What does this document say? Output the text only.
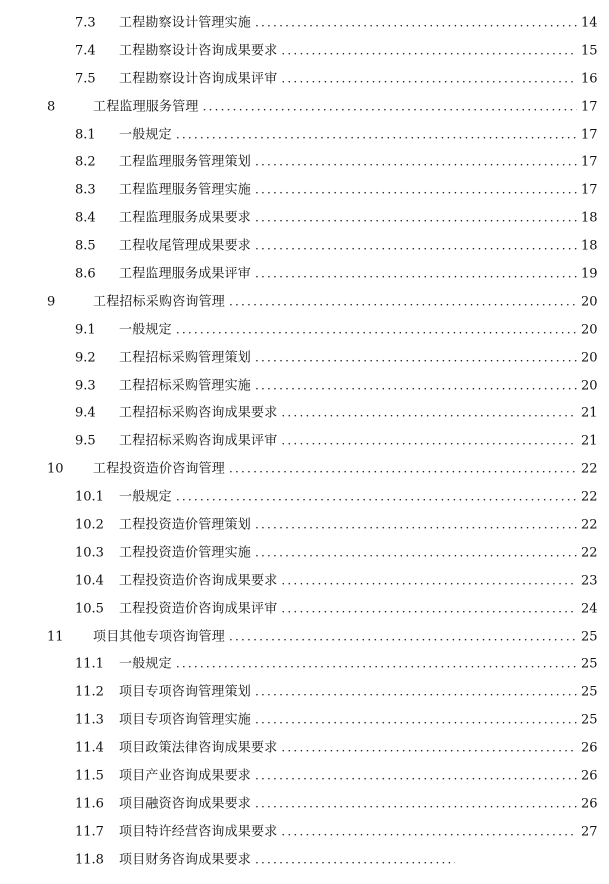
7.3 工程勘察设计管理实施 .....	14
7.4 工程勘察设计咨询成果要求 .....	15
7.5 工程勘察设计咨询成果评审 .....	16
8	工程监理服务管理 .....	17
8.1 一般规定 .....	17
8.2 工程监理服务管理策划 .....	17
8.3 工程监理服务管理实施 .....	17
8.4 工程监理服务成果要求 .....	18
8.5 工程收尾管理成果要求 .....	18
8.6 工程监理服务成果评审 .....	19
9	工程招标采购咨询管理 .....	20
9.1 一般规定 .....	20
9.2 工程招标采购管理策划 .....	20
9.3 工程招标采购管理实施 .....	20
9.4 工程招标采购咨询成果要求 .....	21
9.5 工程招标采购咨询成果评审 .....	21
10 工程投资造价咨询管理 .....	22
10.1 一般规定 .....	22
10.2 工程投资造价管理策划 .....	22
10.3 工程投资造价管理实施 .....	22
10.4 工程投资造价咨询成果要求 .....	23
10.5 工程投资造价咨询成果评审 .....	24
11 项目其他专项咨询管理 .....	25
11.1 一般规定 .....	25
11.2 项目专项咨询管理策划 .....	25
11.3 项目专项咨询管理实施 .....	25
11.4 项目政策法律咨询成果要求 .....	26
11.5 项目产业咨询成果要求 .....	26
11.6 项目融资咨询成果要求 .....	26
11.7 项目特许经营咨询成果要求 .....	27
11.8 项目财务咨询成果要求
.....
